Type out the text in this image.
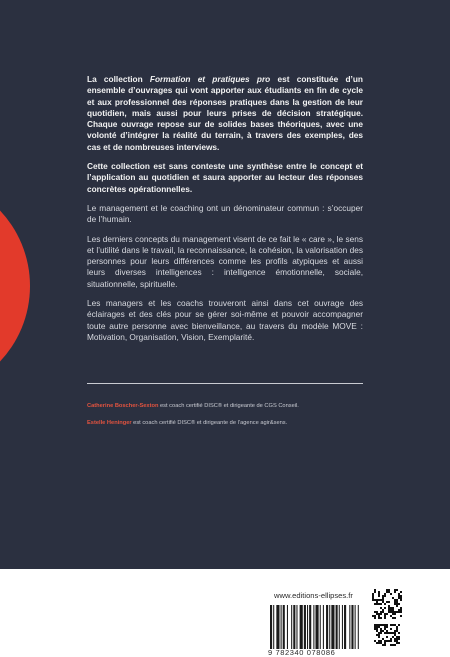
La collection Formation et pratiques pro est constituée d’un ensemble d’ouvrages qui vont apporter aux étudiants en fin de cycle et aux professionnel des réponses pratiques dans la gestion de leur quotidien, mais aussi pour leurs prises de décision stratégique. Chaque ouvrage repose sur de solides bases théoriques, avec une volonté d’intégrer la réalité du terrain, à travers des exemples, des cas et de nombreuses interviews.

Cette collection est sans conteste une synthèse entre le concept et l’application au quotidien et saura apporter au lecteur des réponses concrètes opérationnelles.

Le management et le coaching ont un dénominateur commun : s’occuper de l’humain.

Les derniers concepts du management visent de ce fait le « care », le sens et l’utilité dans le travail, la reconnaissance, la cohésion, la valorisation des personnes pour leurs différences comme les profils atypiques et aussi leurs diverses intelligences : intelligence émotionnelle, sociale, situationnelle, spirituelle.

Les managers et les coachs trouveront ainsi dans cet ouvrage des éclairages et des clés pour se gérer soi-même et pouvoir accompagner toute autre personne avec bienveillance, au travers du modèle MOVE : Motivation, Organisation, Vision, Exemplarité.

Catherine Boscher-Sexton est coach certifié DISC® et dirigeante de CGS Conseil.
Estelle Heninger est coach certifié DISC® et dirigeante de l’agence agir&sens.
www.editions-ellipses.fr
9 782340 078086
